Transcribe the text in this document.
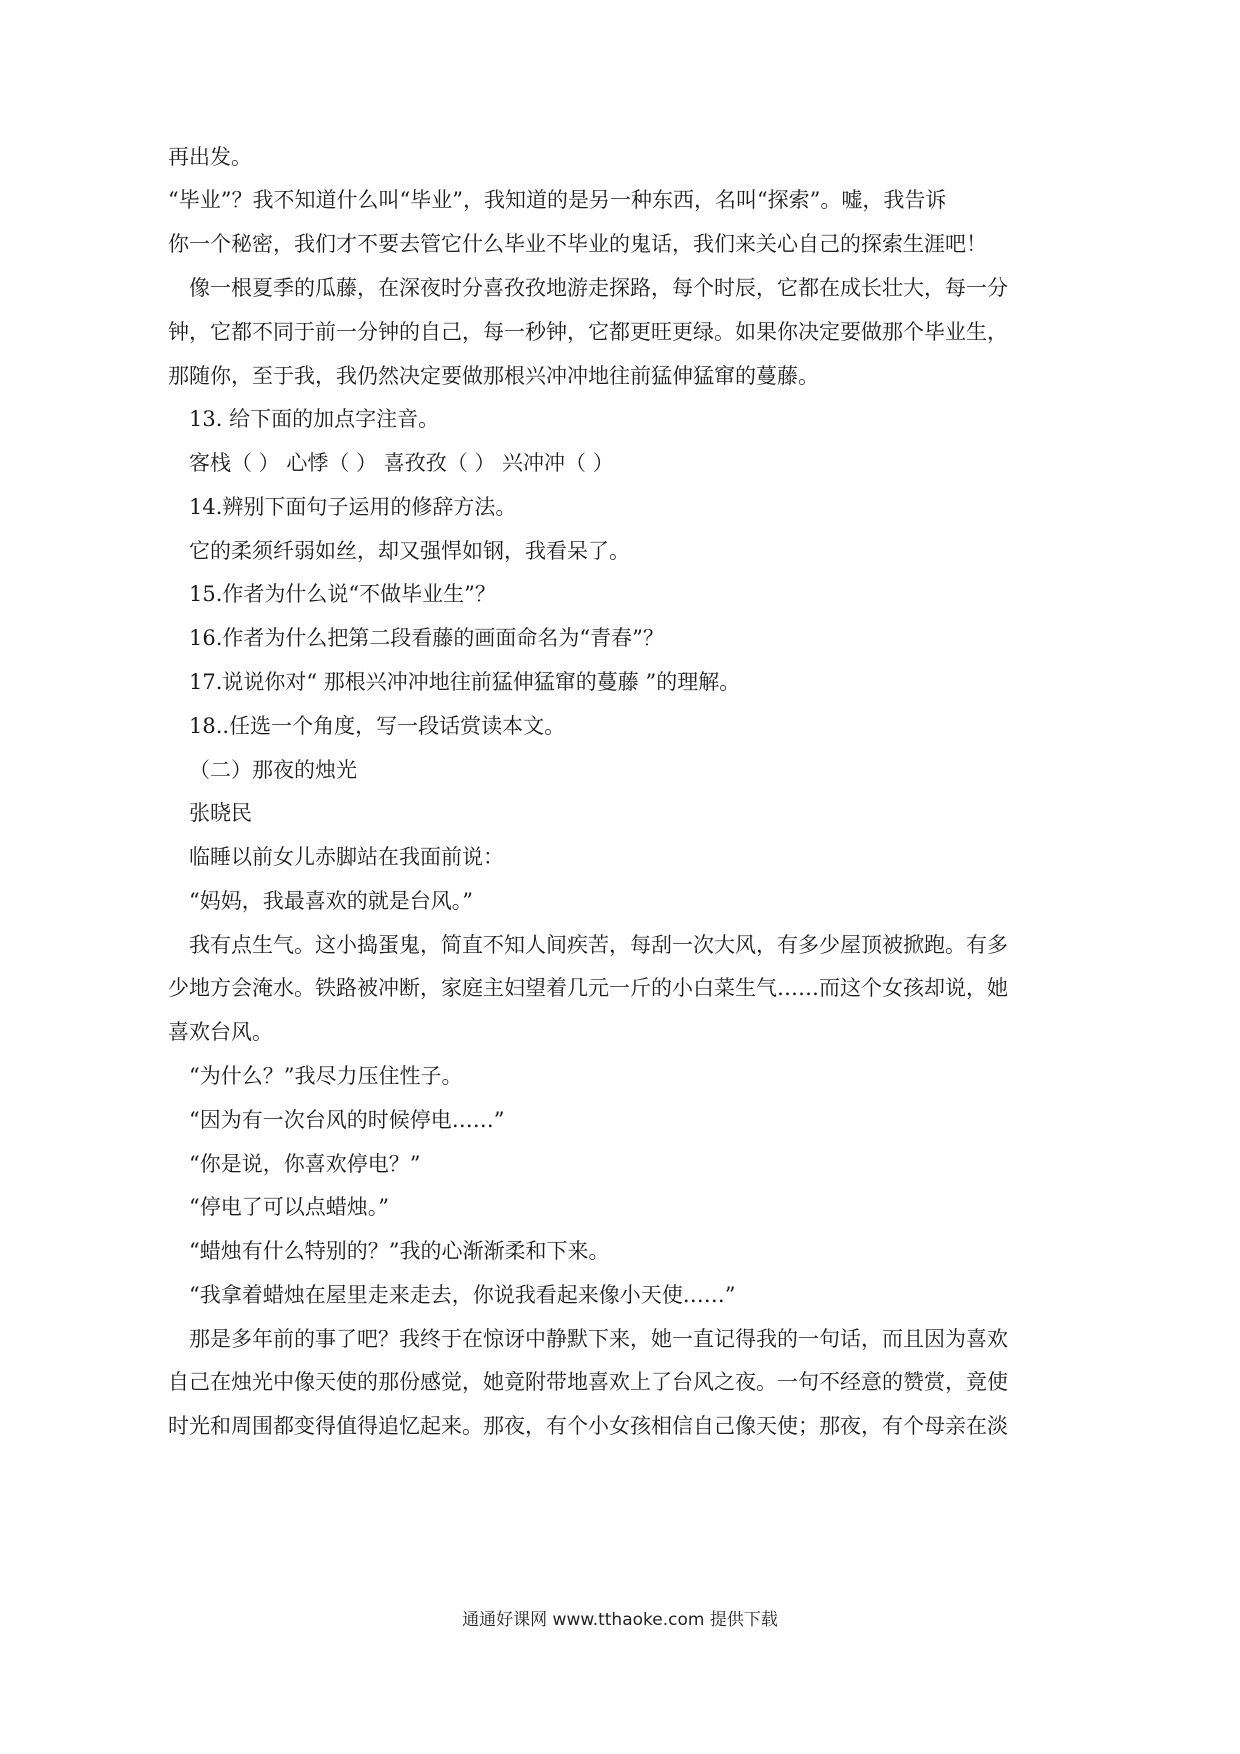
再出发。
“毕业”？我不知道什么叫“毕业”，我知道的是另一种东西，名叫“探索”。嘘，我告诉
你一个秘密，我们才不要去管它什么毕业不毕业的鬼话，我们来关心自己的探索生涯吧！
像一根夏季的瓜藤，在深夜时分喜孜孜地游走探路，每个时辰，它都在成长壮大，每一分
钟，它都不同于前一分钟的自己，每一秒钟，它都更旺更绿。如果你决定要做那个毕业生，
那随你，至于我，我仍然决定要做那根兴冲冲地往前猛伸猛窜的蔓藤。
13. 给下面的加点字注音。
客栈（ ） 心悸（ ） 喜孜孜（ ） 兴冲冲（ ）
14.辨别下面句子运用的修辞方法。
它的柔须纤弱如丝，却又强悍如钢，我看呆了。
15.作者为什么说“不做毕业生”？
16.作者为什么把第二段看藤的画面命名为“青春”？
17.说说你对“ 那根兴冲冲地往前猛伸猛窜的蔓藤 ”的理解。
18..任选一个角度，写一段话赏读本文。
（二）那夜的烛光
张晓民
临睡以前女儿赤脚站在我面前说：
“妈妈，我最喜欢的就是台风。”
我有点生气。这小捣蛋鬼，简直不知人间疾苦，每刮一次大风，有多少屋顶被掀跑。有多
少地方会淹水。铁路被冲断，家庭主妇望着几元一斤的小白菜生气……而这个女孩却说，她
喜欢台风。
“为什么？”我尽力压住性子。
“因为有一次台风的时候停电……”
“你是说，你喜欢停电？”
“停电了可以点蜡烛。”
“蜡烛有什么特别的？”我的心渐渐柔和下来。
“我拿着蜡烛在屋里走来走去，你说我看起来像小天使……”
那是多年前的事了吧？我终于在惊讶中静默下来，她一直记得我的一句话，而且因为喜欢
自己在烛光中像天使的那份感觉，她竟附带地喜欢上了台风之夜。一句不经意的赞赏，竟使
时光和周围都变得值得追忆起来。那夜，有个小女孩相信自己像天使；那夜，有个母亲在淡
通通好课网 www.tthaoke.com 提供下载
